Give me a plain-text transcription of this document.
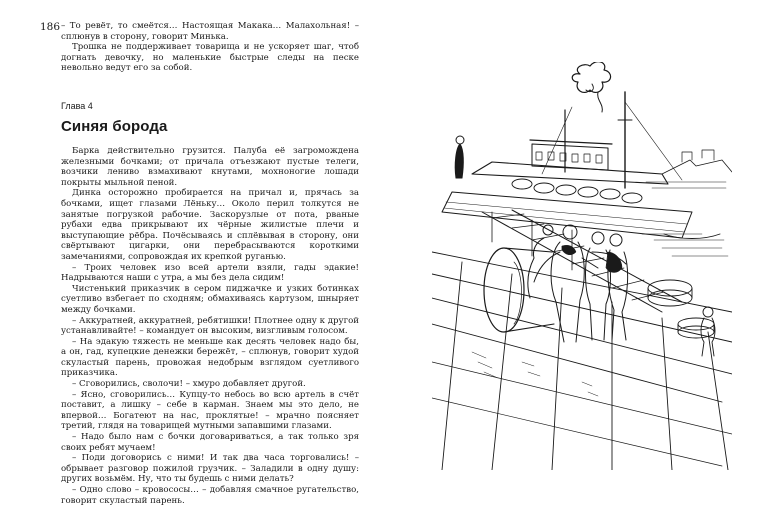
186 – То ревёт, то смеётся… Настоящая Макака… Малахольная! – сплюнув в сторону, говорит Минька.

Трошка не поддерживает товарища и не ускоряет шаг, чтоб догнать девочку, но маленькие быстрые следы на песке невольно ведут его за собой.

Глава 4
Синяя борода

Барка действительно грузится. Палуба её загромождена железными бочками; от причала отъезжают пустые телеги, возчики лениво взмахивают кнутами, мохноногие лошади покрыты мыльной пеной.

Динка осторожно пробирается на причал и, прячась за бочками, ищет глазами Лёньку… Около перил толкутся не занятые погрузкой рабочие. Заскорузлые от пота, рваные рубахи едва прикрывают их чёрные жилистые плечи и выступающие рёбра. Почёсываясь и сплёвывая в сторону, они свёртывают цигарки, они перебрасываются короткими замечаниями, сопровождая их крепкой руганью.

– Троих человек изо всей артели взяли, гады эдакие! Надрываются наши с утра, а мы без дела сидим!

Чистенький приказчик в сером пиджачке и узких ботинках суетливо взбегает по сходням; обмахиваясь картузом, шныряет между бочками.

– Аккуратней, аккуратней, ребятишки! Плотнее одну к другой устанавливайте! – командует он высоким, визгливым голосом.

– На эдакую тяжесть не меньше как десять человек надо бы, а он, гад, купецкие денежки бережёт, – сплюнув, говорит худой скуластый парень, провожая недобрым взглядом суетливого приказчика.

– Сговорились, сволочи! – хмуро добавляет другой.

– Ясно, сговорились… Купцу-то небось во всю артель в счёт поставит, а лишку – себе в карман. Знаем мы это дело, не впервой… Богатеют на нас, проклятые! – мрачно поясняет третий, глядя на товарищей мутными запавшими глазами.

– Надо было нам с бочки договариваться, а так только зря своих ребят мучаем!

– Поди договорись с ними! И так два часа торговались! – обрывает разговор пожилой грузчик. – Заладили в одну душу: других возьмём. Ну, что ты будешь с ними делать?

– Одно слово – кровососы… – добавляя смачное ругательство, говорит скуластый парень.
